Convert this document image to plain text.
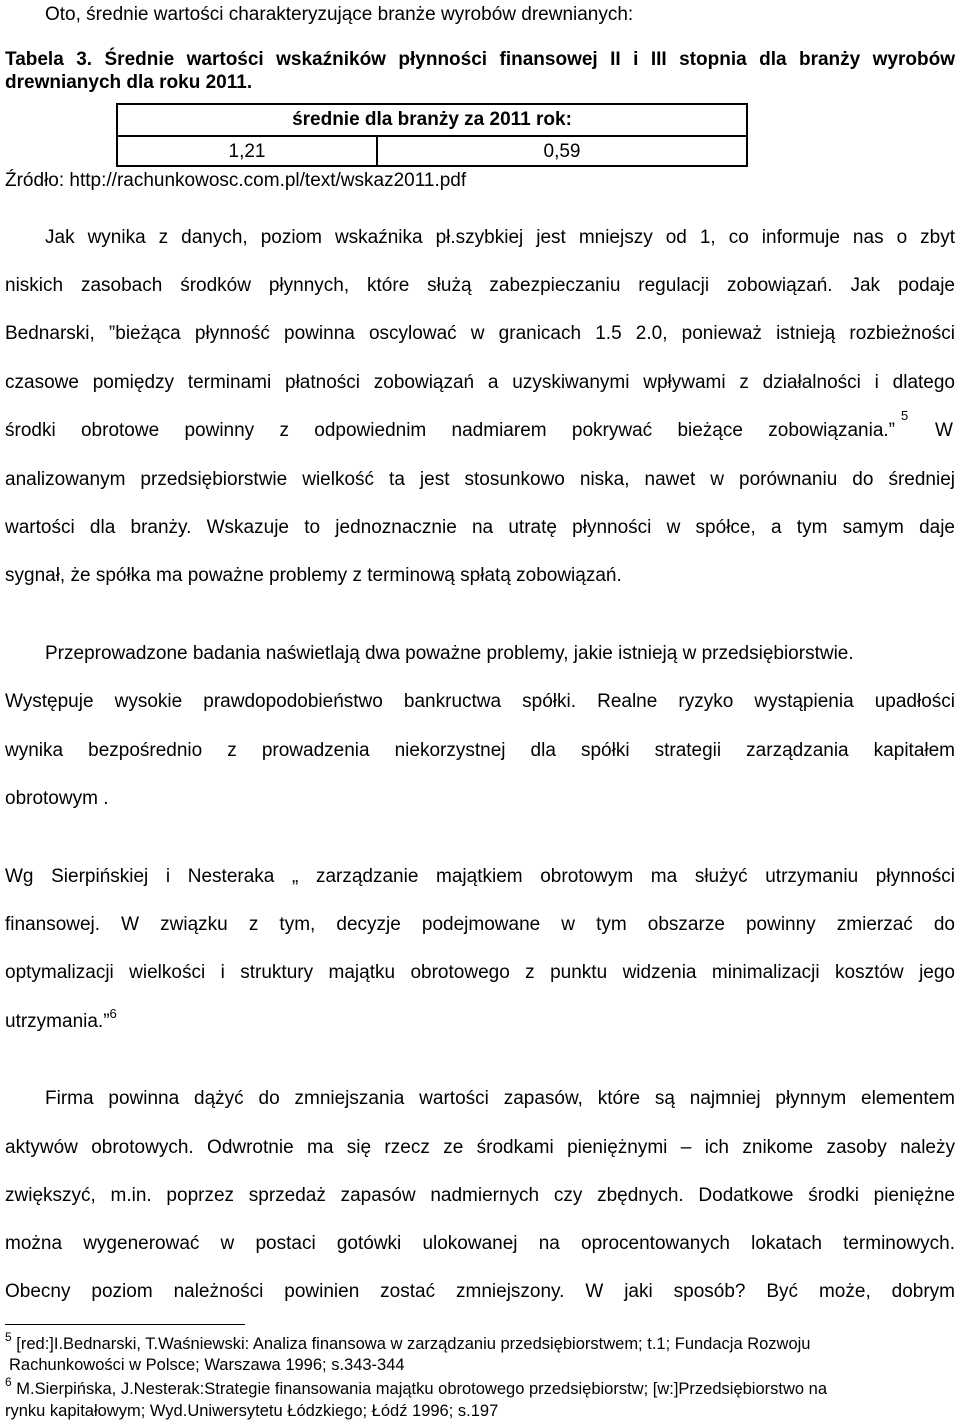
Oto, średnie wartości charakteryzujące branże wyrobów drewnianych:
Tabela 3. Średnie wartości wskaźników płynności finansowej II i III stopnia dla branży wyrobów
drewnianych dla roku 2011.
średnie dla branży za 2011 rok:
1,21	0,59
Źródło: http://rachunkowosc.com.pl/text/wskaz2011.pdf
Jak wynika z danych, poziom wskaźnika pł.szybkiej jest mniejszy od 1, co informuje nas o zbyt
niskich zasobach środków płynnych, które służą zabezpieczaniu regulacji zobowiązań. Jak podaje
Bednarski, ”bieżąca płynność powinna oscylować w granicach 1.5 2.0, ponieważ istnieją rozbieżności
czasowe pomiędzy terminami płatności zobowiązań a uzyskiwanymi wpływami z działalności i dlatego
środki obrotowe powinny z odpowiednim nadmiarem pokrywać bieżące zobowiązania.”
$^5$
W
analizowanym przedsiębiorstwie wielkość ta jest stosunkowo niska, nawet w porównaniu do średniej
wartości dla branży. Wskazuje to jednoznacznie na utratę płynności w spółce, a tym samym daje
sygnał, że spółka ma poważne problemy z terminową spłatą zobowiązań.
Przeprowadzone badania naświetlają dwa poważne problemy, jakie istnieją w przedsiębiorstwie.
Występuje wysokie prawdopodobieństwo bankructwa spółki. Realne ryzyko wystąpienia upadłości
wynika bezpośrednio z prowadzenia niekorzystnej dla spółki strategii zarządzania kapitałem
obrotowym .
Wg Sierpińskiej i Nesteraka „ zarządzanie majątkiem obrotowym ma służyć utrzymaniu płynności
finansowej. W związku z tym, decyzje podejmowane w tym obszarze powinny zmierzać do
optymalizacji wielkości i struktury majątku obrotowego z punktu widzenia minimalizacji kosztów jego
utrzymania.”$^6$
Firma powinna dążyć do zmniejszania wartości zapasów, które są najmniej płynnym elementem
aktywów obrotowych. Odwrotnie ma się rzecz ze środkami pieniężnymi – ich znikome zasoby należy
zwiększyć, m.in. poprzez sprzedaż zapasów nadmiernych czy zbędnych. Dodatkowe środki pieniężne
można wygenerować w postaci gotówki ulokowanej na oprocentowanych lokatach terminowych.
Obecny poziom należności powinien zostać zmniejszony. W jaki sposób? Być może, dobrym
$^5$ [red:]I.Bednarski, T.Waśniewski: Analiza finansowa w zarządzaniu przedsiębiorstwem; t.1; Fundacja Rozwoju
Rachunkowości w Polsce; Warszawa 1996; s.343-344
$^6$ M.Sierpińska, J.Nesterak:Strategie finansowania majątku obrotowego przedsiębiorstw; [w:]Przedsiębiorstwo na
rynku kapitałowym; Wyd.Uniwersytetu Łódzkiego; Łódź 1996; s.197
